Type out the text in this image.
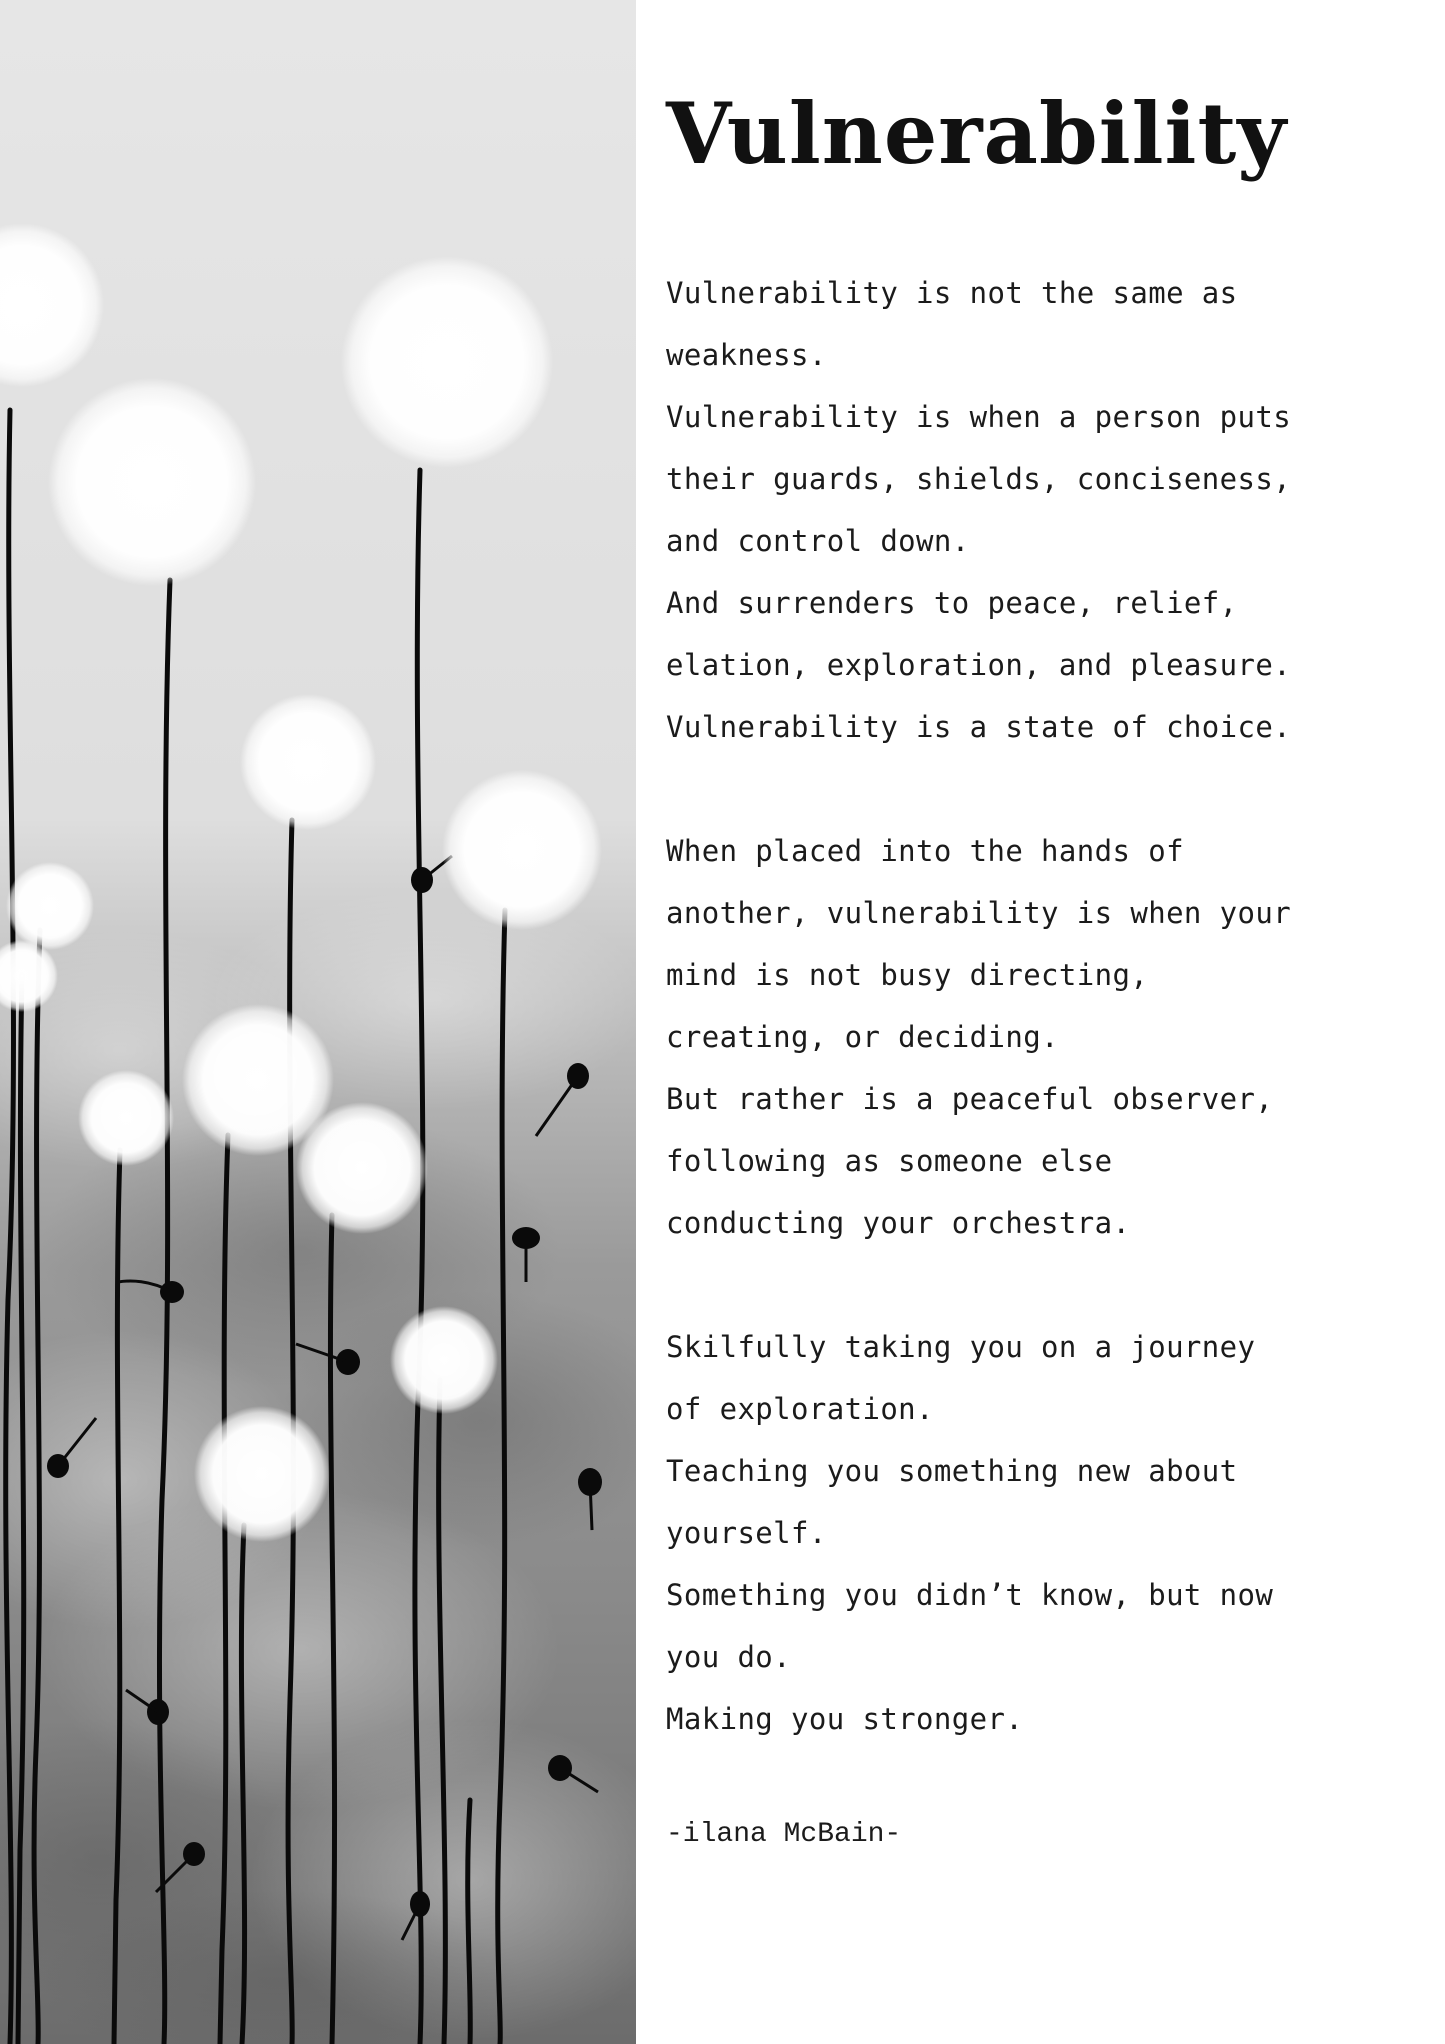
Vulnerability
Vulnerability is not the same as
weakness.
Vulnerability is when a person puts
their guards, shields, conciseness,
and control down.
And surrenders to peace, relief,
elation, exploration, and pleasure.
Vulnerability is a state of choice.
When placed into the hands of
another, vulnerability is when your
mind is not busy directing,
creating, or deciding.
But rather is a peaceful observer,
following as someone else
conducting your orchestra.
Skilfully taking you on a journey
of exploration.
Teaching you something new about
yourself.
Something you didn’t know, but now
you do.
Making you stronger.
-ilana McBain-
